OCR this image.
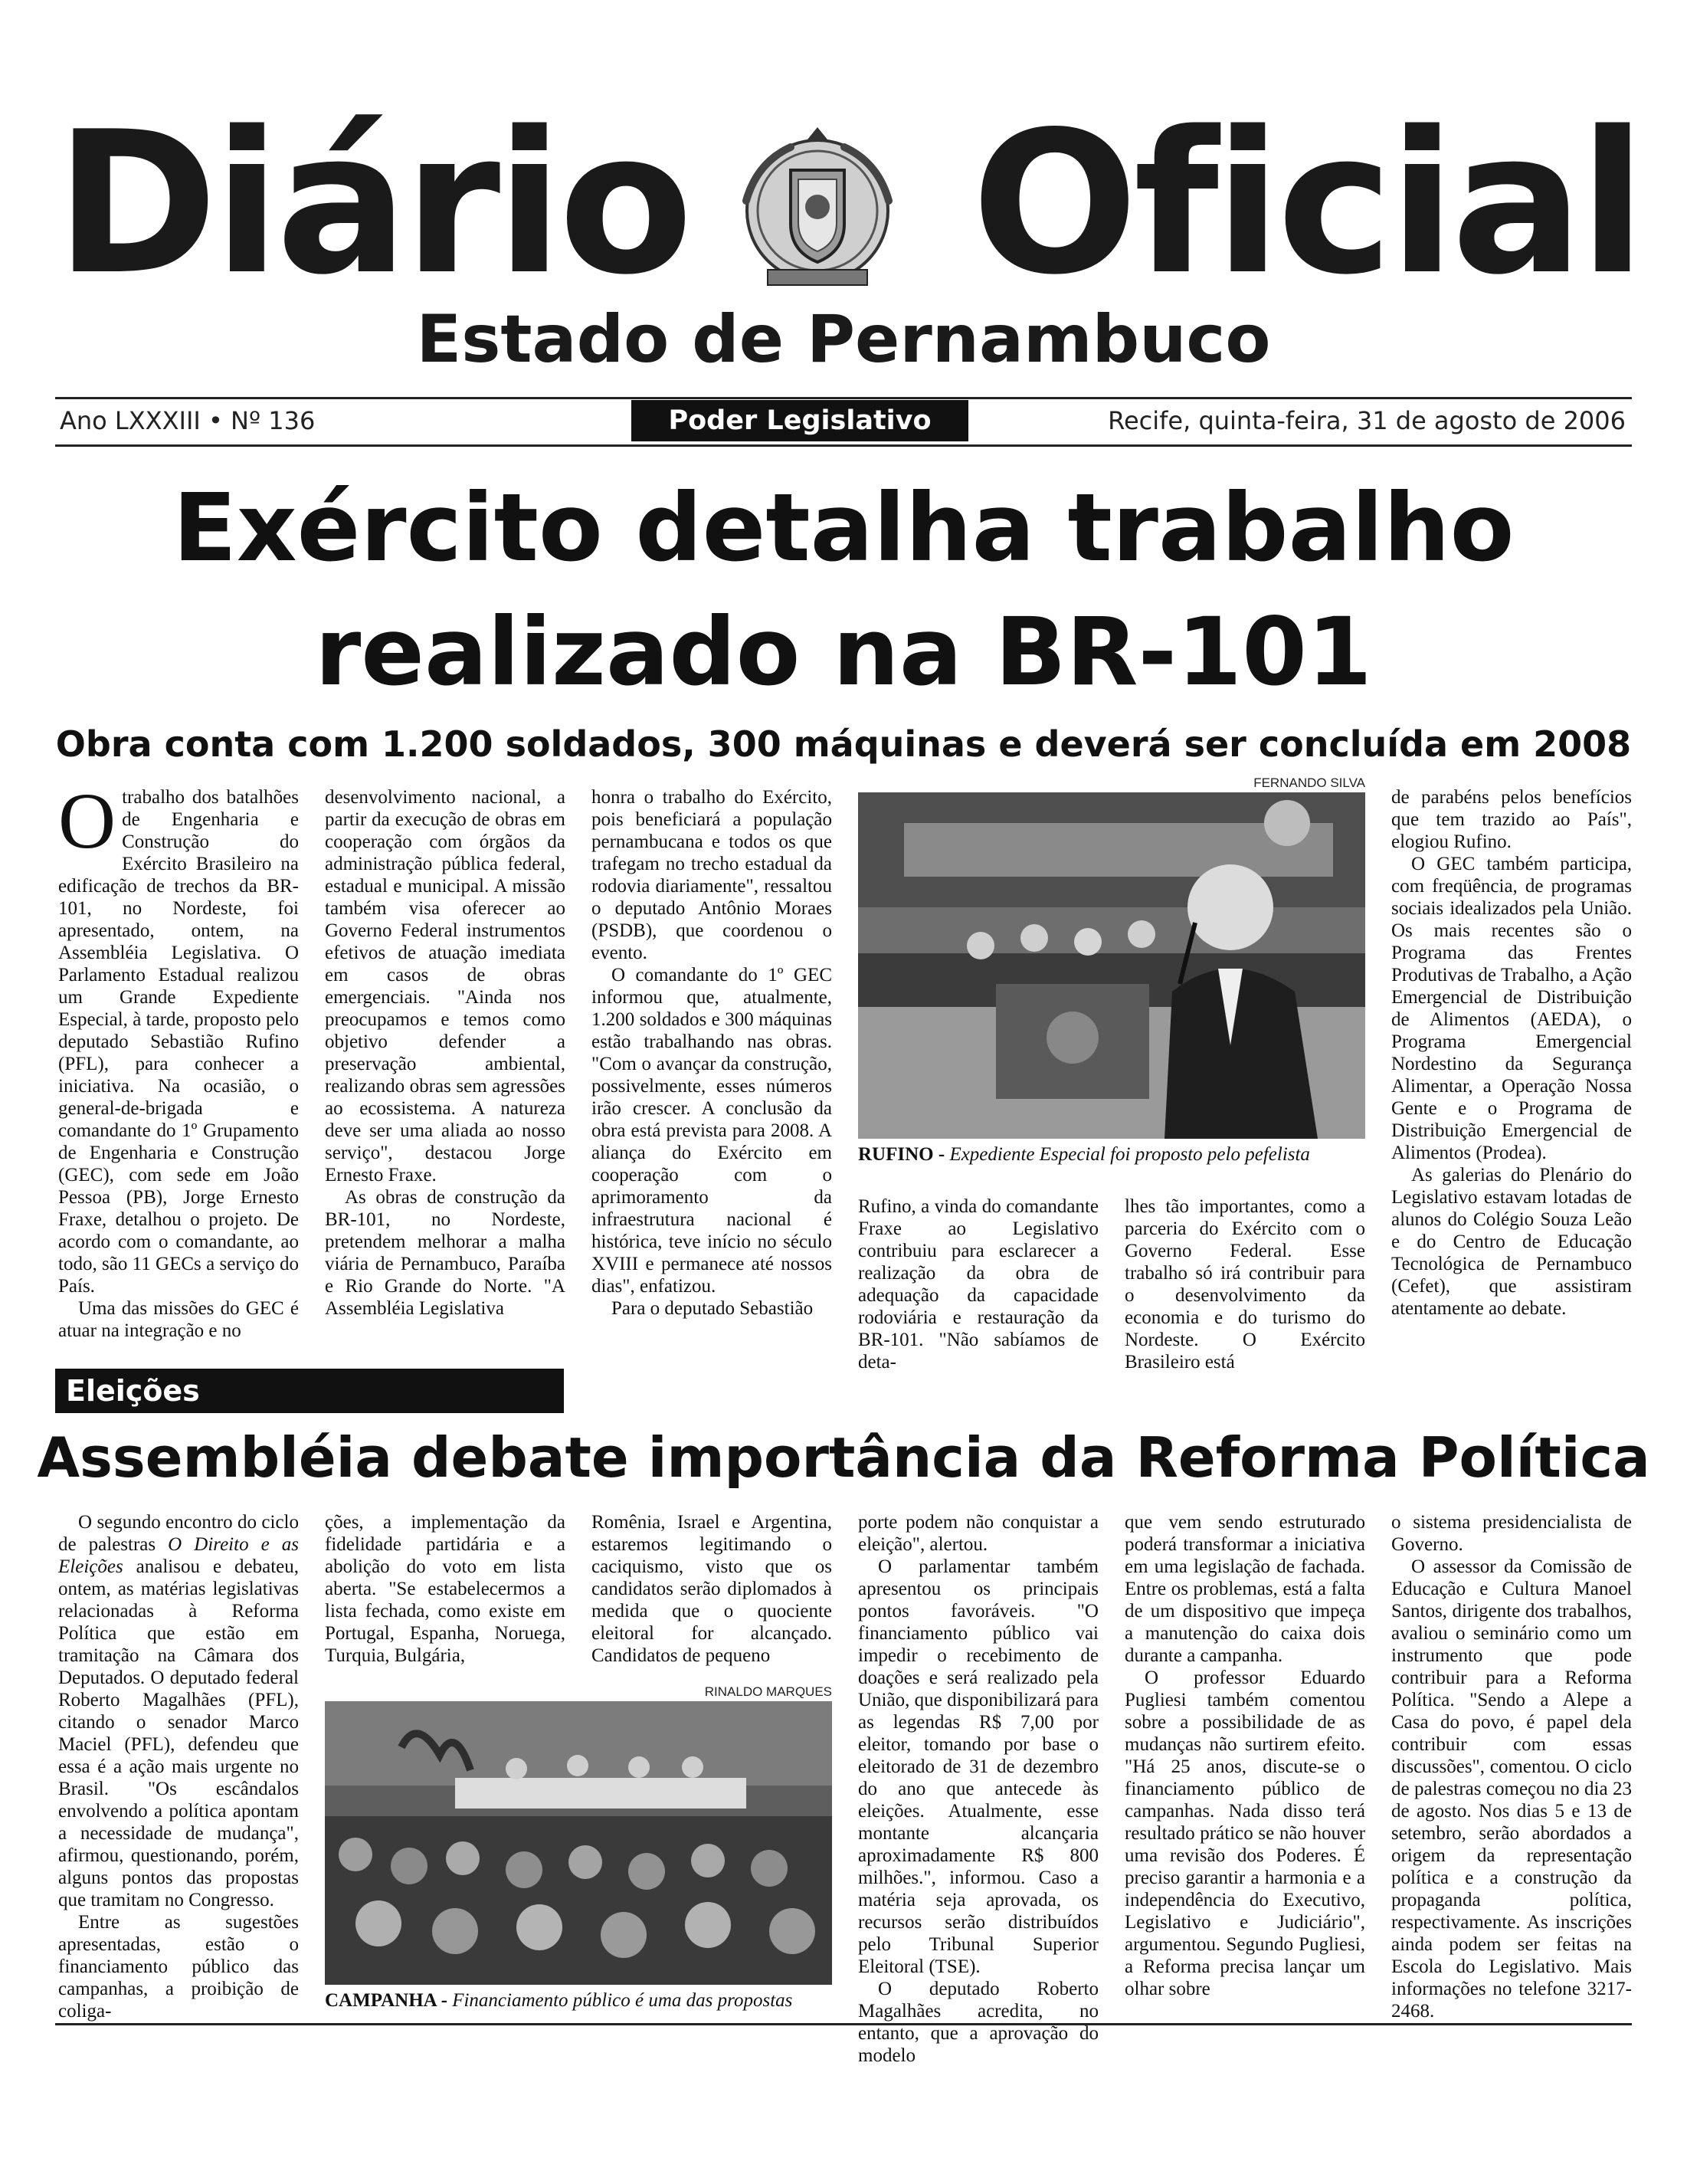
Diário Oficial
Estado de Pernambuco
Ano LXXXIII • Nº 136	Poder Legislativo	Recife, quinta-feira, 31 de agosto de 2006
Exército detalha trabalho
realizado na BR-101
Obra conta com 1.200 soldados, 300 máquinas e deverá ser concluída em 2008

Otrabalho dos batalhões de Engenharia e Construção do Exército Brasileiro na edificação de trechos da BR-101, no Nordeste, foi apresentado, ontem, na Assembléia Legislativa. O Parlamento Estadual realizou um Grande Expediente Especial, à tarde, proposto pelo deputado Sebastião Rufino (PFL), para conhecer a iniciativa. Na ocasião, o general-de-brigada e comandante do 1º Grupamento de Engenharia e Construção (GEC), com sede em João Pessoa (PB), Jorge Ernesto Fraxe, detalhou o projeto. De acordo com o comandante, ao todo, são 11 GECs a serviço do País.

Uma das missões do GEC é atuar na integração e no

desenvolvimento nacional, a partir da execução de obras em cooperação com órgãos da administração pública federal, estadual e municipal. A missão também visa oferecer ao Governo Federal instrumentos efetivos de atuação imediata em casos de obras emergenciais. "Ainda nos preocupamos e temos como objetivo defender a preservação ambiental, realizando obras sem agressões ao ecossistema. A natureza deve ser uma aliada ao nosso serviço", destacou Jorge Ernesto Fraxe.

As obras de construção da BR-101, no Nordeste, pretendem melhorar a malha viária de Pernambuco, Paraíba e Rio Grande do Norte. "A Assembléia Legislativa

honra o trabalho do Exército, pois beneficiará a população pernambucana e todos os que trafegam no trecho estadual da rodovia diariamente", ressaltou o deputado Antônio Moraes (PSDB), que coordenou o evento.

O comandante do 1º GEC informou que, atualmente, 1.200 soldados e 300 máquinas estão trabalhando nas obras. "Com o avançar da construção, possivelmente, esses números irão crescer. A conclusão da obra está prevista para 2008. A aliança do Exército em cooperação com o aprimoramento da infraestrutura nacional é histórica, teve início no século XVIII e permanece até nossos dias", enfatizou.

Para o deputado Sebastião

FERNANDO SILVA
RUFINO - Expediente Especial foi proposto pelo pefelista

Rufino, a vinda do comandante Fraxe ao Legislativo contribuiu para esclarecer a realização da obra de adequação da capacidade rodoviária e restauração da BR-101. "Não sabíamos de deta-

lhes tão importantes, como a parceria do Exército com o Governo Federal. Esse trabalho só irá contribuir para o desenvolvimento da economia e do turismo do Nordeste. O Exército Brasileiro está

de parabéns pelos benefícios que tem trazido ao País", elogiou Rufino.

O GEC também participa, com freqüência, de programas sociais idealizados pela União. Os mais recentes são o Programa das Frentes Produtivas de Trabalho, a Ação Emergencial de Distribuição de Alimentos (AEDA), o Programa Emergencial Nordestino da Segurança Alimentar, a Operação Nossa Gente e o Programa de Distribuição Emergencial de Alimentos (Prodea).

As galerias do Plenário do Legislativo estavam lotadas de alunos do Colégio Souza Leão e do Centro de Educação Tecnológica de Pernambuco (Cefet), que assistiram atentamente ao debate.

Eleições
Assembléia debate importância da Reforma Política

O segundo encontro do ciclo de palestras O Direito e as Eleições analisou e debateu, ontem, as matérias legislativas relacionadas à Reforma Política que estão em tramitação na Câmara dos Deputados. O deputado federal Roberto Magalhães (PFL), citando o senador Marco Maciel (PFL), defendeu que essa é a ação mais urgente no Brasil. "Os escândalos envolvendo a política apontam a necessidade de mudança", afirmou, questionando, porém, alguns pontos das propostas que tramitam no Congresso.

Entre as sugestões apresentadas, estão o financiamento público das campanhas, a proibição de coliga-

ções, a implementação da fidelidade partidária e a abolição do voto em lista aberta. "Se estabelecermos a lista fechada, como existe em Portugal, Espanha, Noruega, Turquia, Bulgária,

Romênia, Israel e Argentina, estaremos legitimando o caciquismo, visto que os candidatos serão diplomados à medida que o quociente eleitoral for alcançado. Candidatos de pequeno

RINALDO MARQUES
CAMPANHA - Financiamento público é uma das propostas

porte podem não conquistar a eleição", alertou.

O parlamentar também apresentou os principais pontos favoráveis. "O financiamento público vai impedir o recebimento de doações e será realizado pela União, que disponibilizará para as legendas R$ 7,00 por eleitor, tomando por base o eleitorado de 31 de dezembro do ano que antecede às eleições. Atualmente, esse montante alcançaria aproximadamente R$ 800 milhões.", informou. Caso a matéria seja aprovada, os recursos serão distribuídos pelo Tribunal Superior Eleitoral (TSE).

O deputado Roberto Magalhães acredita, no entanto, que a aprovação do modelo

que vem sendo estruturado poderá transformar a iniciativa em uma legislação de fachada. Entre os problemas, está a falta de um dispositivo que impeça a manutenção do caixa dois durante a campanha.

O professor Eduardo Pugliesi também comentou sobre a possibilidade de as mudanças não surtirem efeito. "Há 25 anos, discute-se o financiamento público de campanhas. Nada disso terá resultado prático se não houver uma revisão dos Poderes. É preciso garantir a harmonia e a independência do Executivo, Legislativo e Judiciário", argumentou. Segundo Pugliesi, a Reforma precisa lançar um olhar sobre

o sistema presidencialista de Governo.

O assessor da Comissão de Educação e Cultura Manoel Santos, dirigente dos trabalhos, avaliou o seminário como um instrumento que pode contribuir para a Reforma Política. "Sendo a Alepe a Casa do povo, é papel dela contribuir com essas discussões", comentou. O ciclo de palestras começou no dia 23 de agosto. Nos dias 5 e 13 de setembro, serão abordados a origem da representação política e a construção da propaganda política, respectivamente. As inscrições ainda podem ser feitas na Escola do Legislativo. Mais informações no telefone 3217-2468.
